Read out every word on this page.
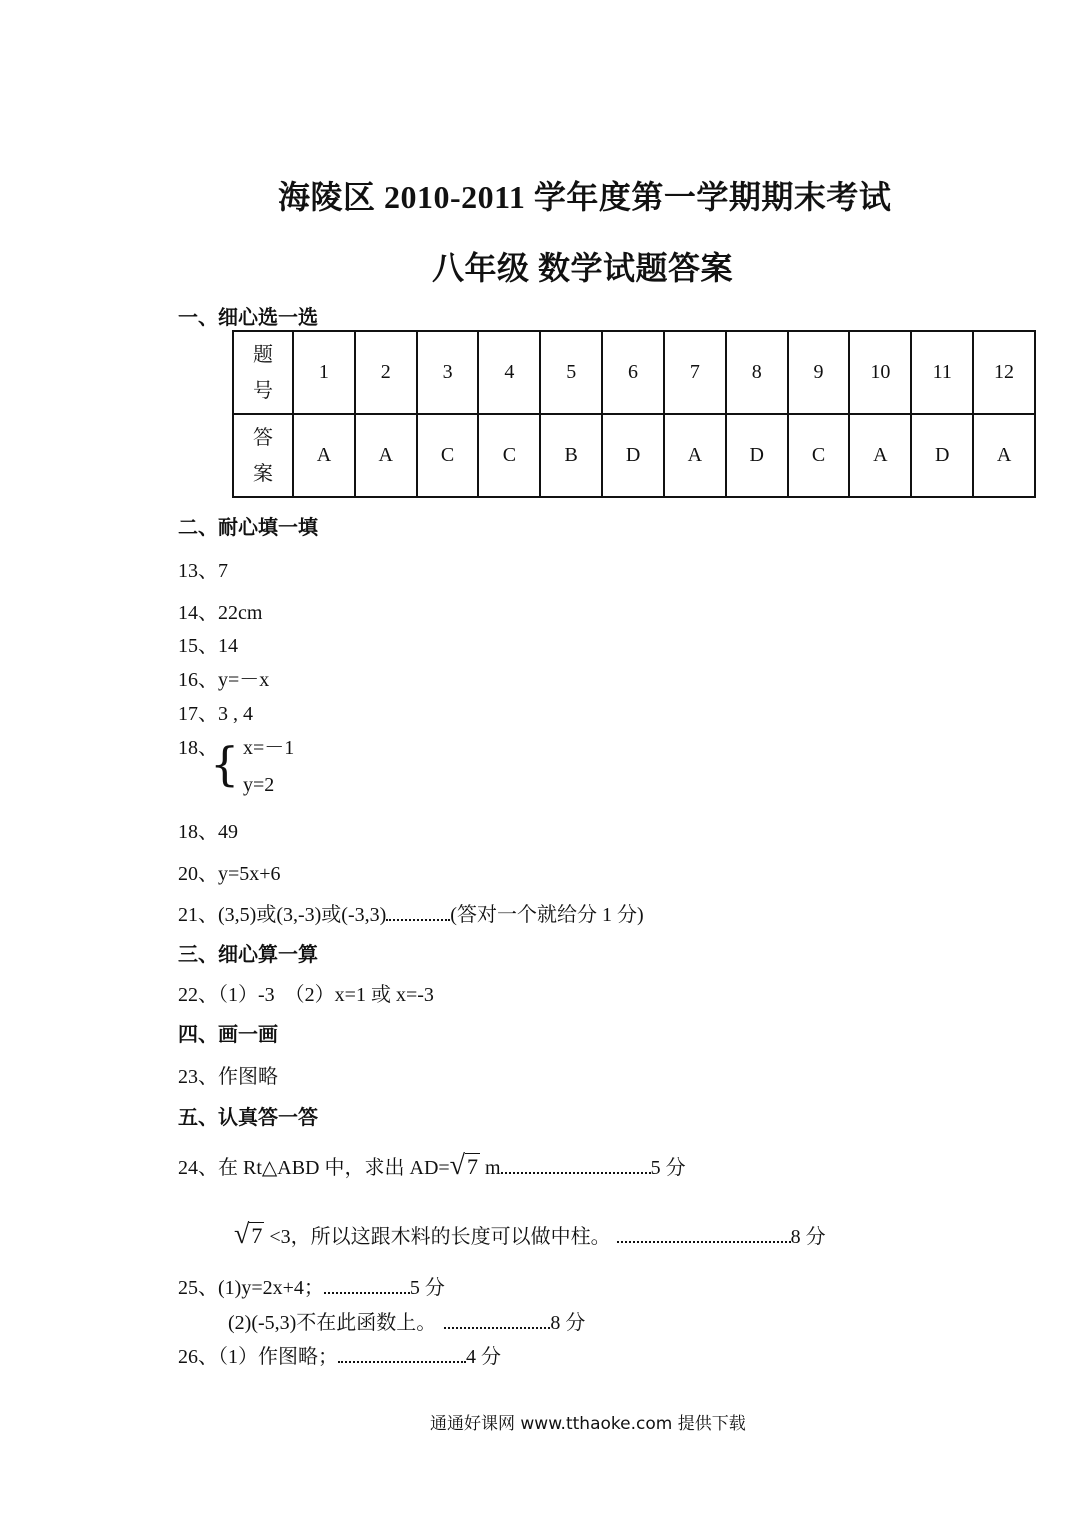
海陵区 2010-2011 学年度第一学期期末考试
八年级 数学试题答案
一、细心选一选
题
号	1	2	3	4	5	6	7	8	9	10	11	12

答
案	A	A	C	C	B	D	A	D	C	A	D	A
二、耐心填一填
13、7
14、22cm
15、14
16、y=－x
17、3 , 4
18、
{ x=－1
y=2
18、49
20、y=5x+6
21、(3,5)或(3,-3)或(-3,3)	(答对一个就给分 1 分)
三、细心算一算
22、（1）-3　（2）x=1 或 x=-3
四、画一画
23、作图略
五、认真答一答
24、在 Rt△ABD 中，求出 AD=√7 m	5 分
√7 <3，所以这跟木料的长度可以做中柱。	8 分
25、(1)y=2x+4；	5 分
(2)(-5,3)不在此函数上。	8 分
26、（1）作图略；	4 分
通通好课网 www.tthaoke.com 提供下载
